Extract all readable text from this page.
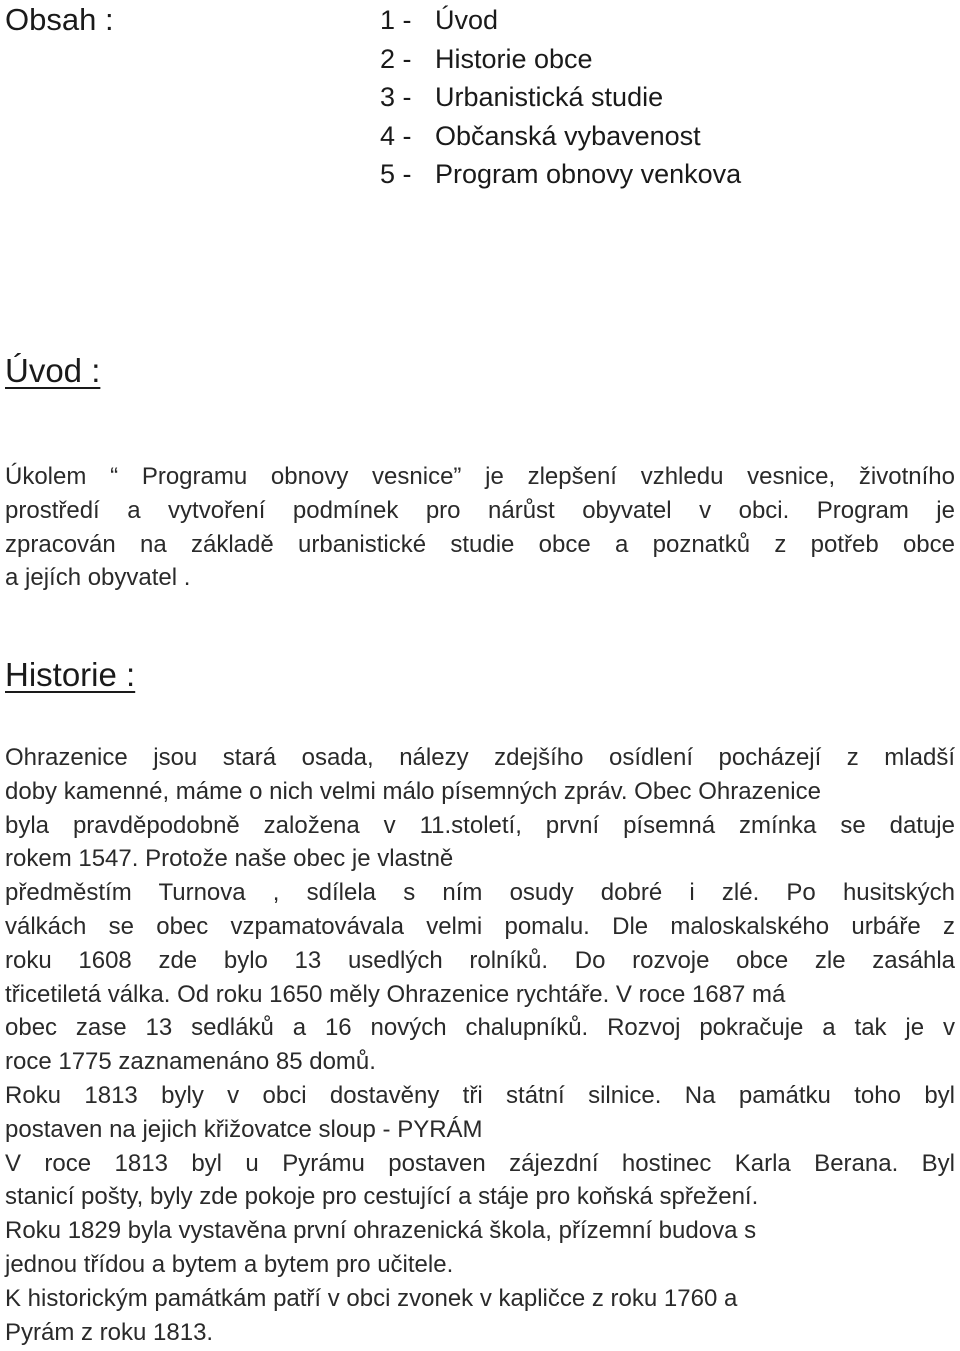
Obsah :	1 - Úvod
2 - Historie obce
3 - Urbanistická studie
4 - Občanská vybavenost
5 - Program obnovy venkova
Úvod :
Úkolem “ Programu obnovy vesnice” je zlepšení vzhledu vesnice, životního
prostředí a vytvoření podmínek pro nárůst obyvatel v obci. Program je
zpracován na základě urbanistické studie obce a poznatků z potřeb obce
a jejích obyvatel .
Historie :
Ohrazenice jsou stará osada, nálezy zdejšího osídlení pocházejí z mladší
doby kamenné, máme o nich velmi málo písemných zpráv. Obec Ohrazenice
byla pravděpodobně založena v 11.století, první písemná zmínka se datuje
rokem 1547. Protože naše obec je vlastně
předměstím Turnova , sdílela s ním osudy dobré i zlé. Po husitských
válkách se obec vzpamatovávala velmi pomalu. Dle maloskalského urbáře z
roku 1608 zde bylo 13 usedlých rolníků. Do rozvoje obce zle zasáhla
třicetiletá válka. Od roku 1650 měly Ohrazenice rychtáře. V roce 1687 má
obec zase 13 sedláků a 16 nových chalupníků. Rozvoj pokračuje a tak je v
roce 1775 zaznamenáno 85 domů.
Roku 1813 byly v obci dostavěny tři státní silnice. Na památku toho byl
postaven na jejich křižovatce sloup - PYRÁM
V roce 1813 byl u Pyrámu postaven zájezdní hostinec Karla Berana. Byl
stanicí pošty, byly zde pokoje pro cestující a stáje pro koňská spřežení.
Roku 1829 byla vystavěna první ohrazenická škola, přízemní budova s
jednou třídou a bytem a bytem pro učitele.
K historickým památkám patří v obci zvonek v kapličce z roku 1760 a
Pyrám z roku 1813.
